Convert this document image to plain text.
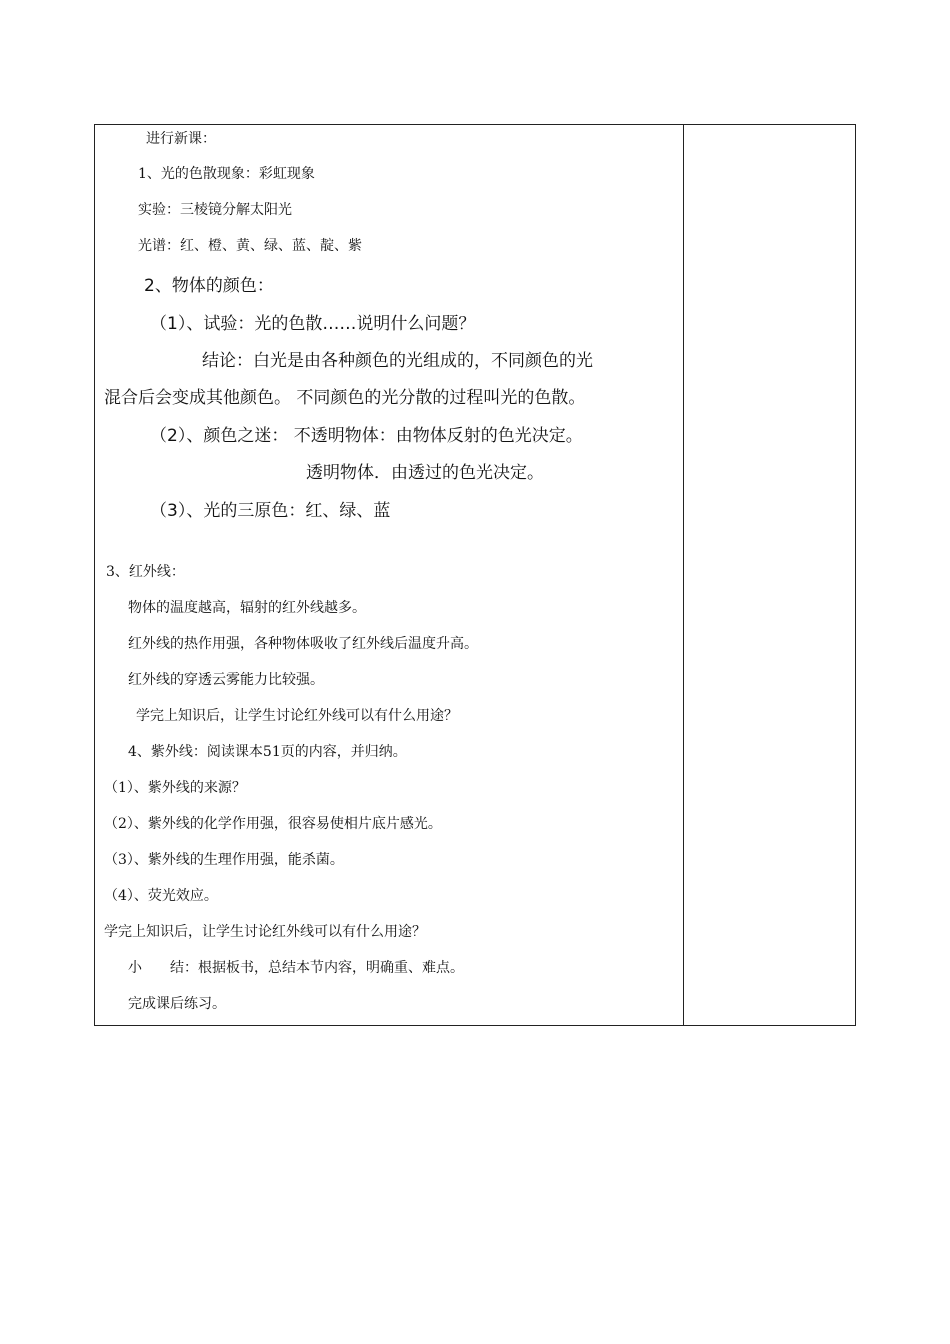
进行新课：
1、光的色散现象：彩虹现象
实验：三棱镜分解太阳光
光谱：红、橙、黄、绿、蓝、靛、紫
2、物体的颜色：
（1）、试验：光的色散……说明什么问题？
结论：白光是由各种颜色的光组成的，不同颜色的光
混合后会变成其他颜色。 不同颜色的光分散的过程叫光的色散。
（2）、颜色之迷： 不透明物体：由物体反射的色光决定。
透明物体．由透过的色光决定。
（3）、光的三原色：红、绿、蓝
3、红外线：
物体的温度越高，辐射的红外线越多。
红外线的热作用强，各种物体吸收了红外线后温度升高。
红外线的穿透云雾能力比较强。
学完上知识后，让学生讨论红外线可以有什么用途？
4、紫外线：阅读课本51页的内容，并归纳。
（1）、紫外线的来源？
（2）、紫外线的化学作用强，很容易使相片底片感光。
（3）、紫外线的生理作用强，能杀菌。
（4）、荧光效应。
学完上知识后，让学生讨论红外线可以有什么用途？
小　　结：根据板书，总结本节内容，明确重、难点。
完成课后练习。
